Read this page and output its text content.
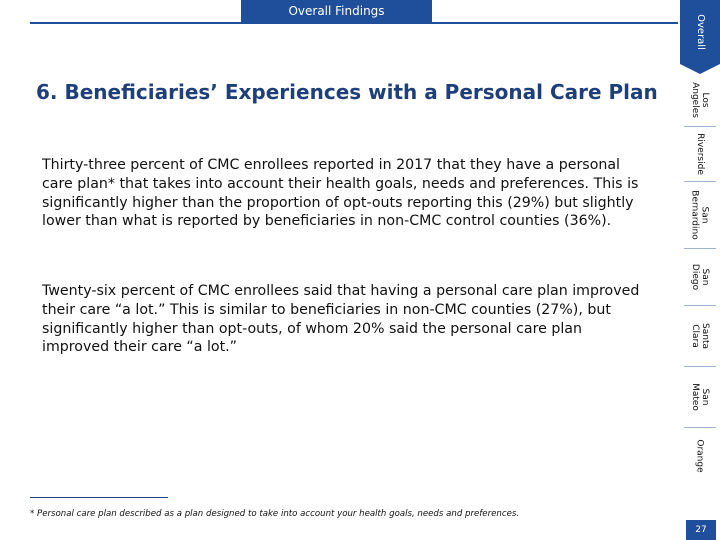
Overall Findings
6. Beneficiaries’ Experiences with a Personal Care Plan

Thirty-three percent of CMC enrollees reported in 2017 that they have a personal care plan* that takes into account their health goals, needs and preferences. This is significantly higher than the proportion of opt-outs reporting this (29%) but slightly lower than what is reported by beneficiaries in non-CMC control counties (36%).

Twenty-six percent of CMC enrollees said that having a personal care plan improved their care “a lot.” This is similar to beneficiaries in non-CMC counties (27%), but significantly higher than opt-outs, of whom 20% said the personal care plan improved their care “a lot.”

* Personal care plan described as a plan designed to take into account your health goals, needs and preferences.

Overall
Los
Angeles
Riverside
San
Bernardino
San
Diego
Santa
Clara
San
Mateo
Orange
27
